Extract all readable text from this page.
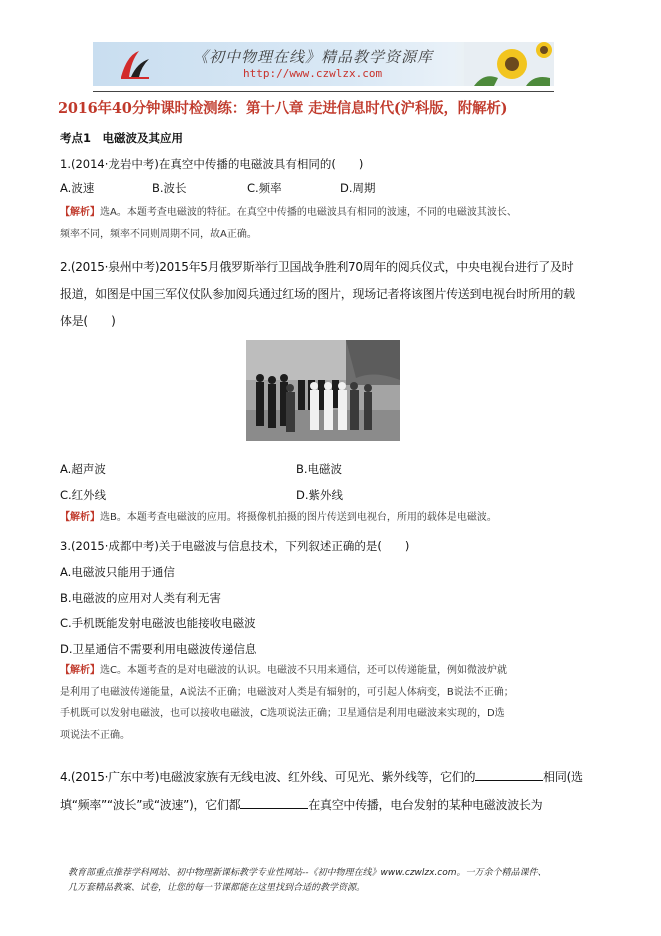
《初中物理在线》精品教学资源库
http://www.czwlzx.com
2016年40分钟课时检测练：第十八章 走进信息时代(沪科版，附解析)
考点1　电磁波及其应用
1.(2014·龙岩中考)在真空中传播的电磁波具有相同的(　　)
A.波速	B.波长	C.频率	D.周期
【解析】选A。本题考查电磁波的特征。在真空中传播的电磁波具有相同的波速，不同的电磁波其波长、
频率不同，频率不同则周期不同，故A正确。
2.(2015·泉州中考)2015年5月俄罗斯举行卫国战争胜利70周年的阅兵仪式，中央电视台进行了及时
报道，如图是中国三军仪仗队参加阅兵通过红场的图片，现场记者将该图片传送到电视台时所用的载
体是(　　)
A.超声波	B.电磁波
C.红外线	D.紫外线
【解析】选B。本题考查电磁波的应用。将摄像机拍摄的图片传送到电视台，所用的载体是电磁波。
3.(2015·成都中考)关于电磁波与信息技术，下列叙述正确的是(　　)
A.电磁波只能用于通信
B.电磁波的应用对人类有利无害
C.手机既能发射电磁波也能接收电磁波
D.卫星通信不需要利用电磁波传递信息
【解析】选C。本题考查的是对电磁波的认识。电磁波不只用来通信，还可以传递能量，例如微波炉就
是利用了电磁波传递能量，A说法不正确；电磁波对人类是有辐射的，可引起人体病变，B说法不正确；
手机既可以发射电磁波，也可以接收电磁波，C选项说法正确；卫星通信是利用电磁波来实现的，D选
项说法不正确。
4.(2015·广东中考)电磁波家族有无线电波、红外线、可见光、紫外线等，它们的	相同(选
填“频率”“波长”或“波速”)，它们都	在真空中传播，电台发射的某种电磁波波长为
教育部重点推荐学科网站、初中物理新课标教学专业性网站--《初中物理在线》www.czwlzx.com。一万余个精品课件、
几万套精品教案、试卷，让您的每一节课都能在这里找到合适的教学资源。
